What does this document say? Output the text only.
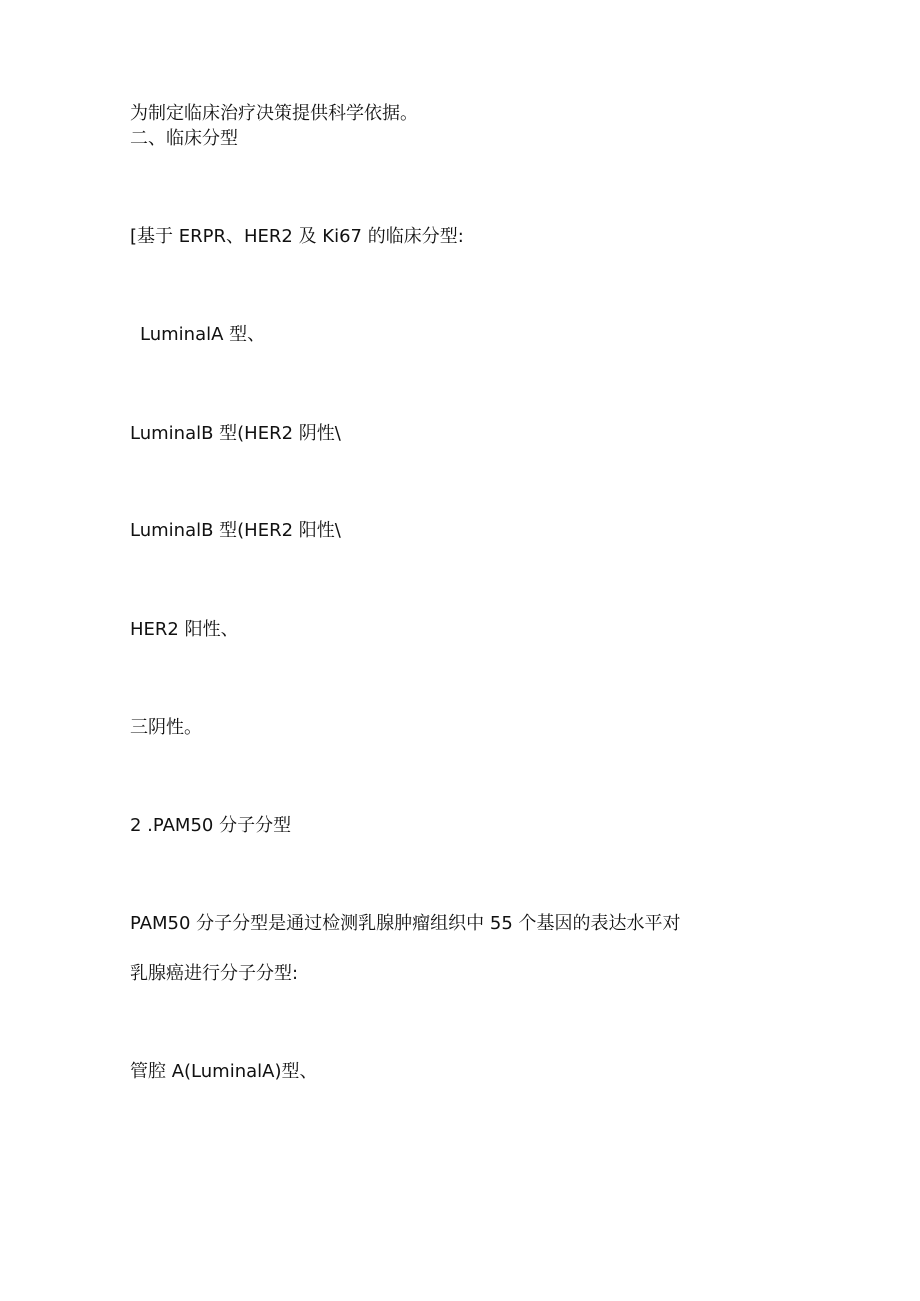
为制定临床治疗决策提供科学依据。
二、临床分型
[基于 ERPR、HER2 及 Ki67 的临床分型:
LuminalA 型、
LuminalB 型(HER2 阴性\
LuminalB 型(HER2 阳性\
HER2 阳性、
三阴性。
2 .PAM50 分子分型
PAM50 分子分型是通过检测乳腺肿瘤组织中 55 个基因的表达水平对
乳腺癌进行分子分型:
管腔 A(LuminalA)型、
